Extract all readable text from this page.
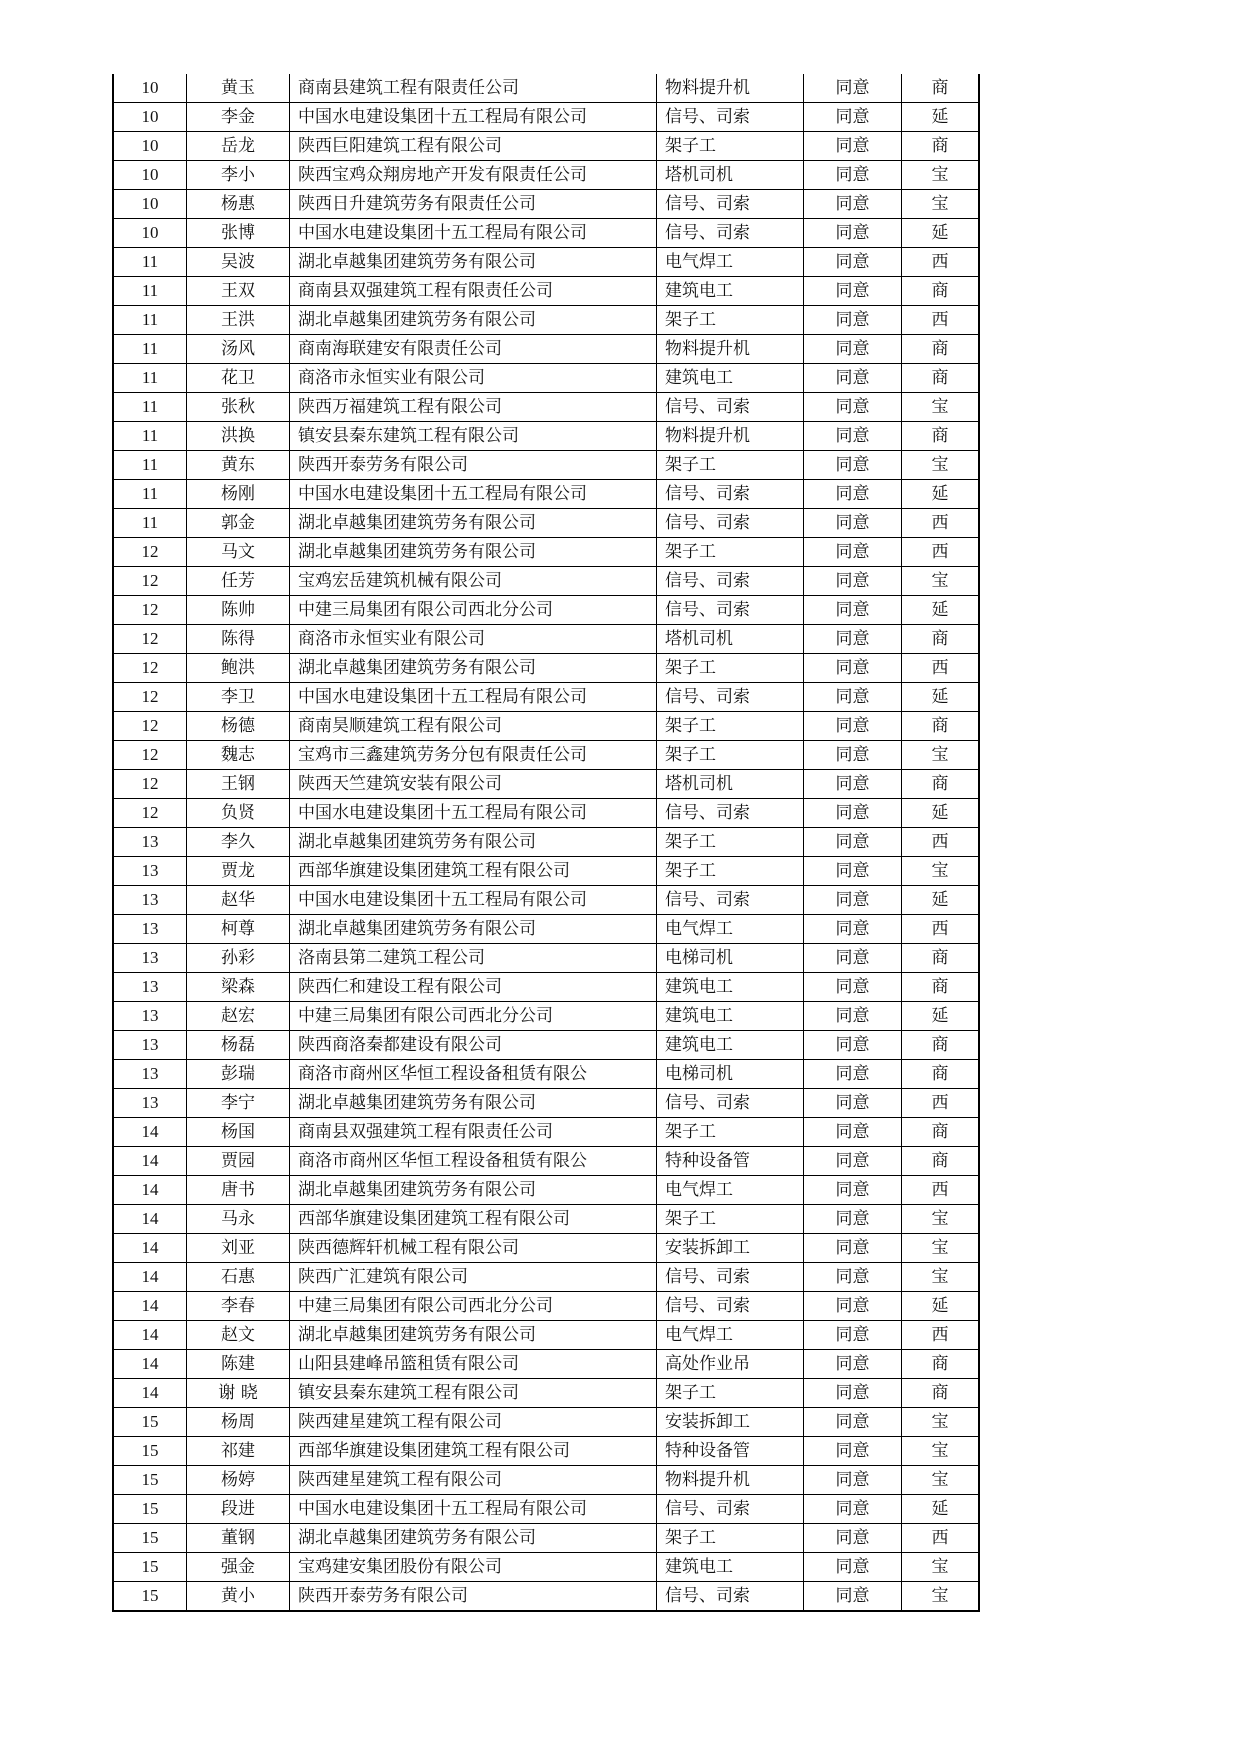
10	黄玉	商南县建筑工程有限责任公司	物料提升机	同意	商
10	李金	中国水电建设集团十五工程局有限公司	信号、司索	同意	延
10	岳龙	陕西巨阳建筑工程有限公司	架子工	同意	商
10	李小	陕西宝鸡众翔房地产开发有限责任公司	塔机司机	同意	宝
10	杨惠	陕西日升建筑劳务有限责任公司	信号、司索	同意	宝
10	张博	中国水电建设集团十五工程局有限公司	信号、司索	同意	延
11	吴波	湖北卓越集团建筑劳务有限公司	电气焊工	同意	西
11	王双	商南县双强建筑工程有限责任公司	建筑电工	同意	商
11	王洪	湖北卓越集团建筑劳务有限公司	架子工	同意	西
11	汤风	商南海联建安有限责任公司	物料提升机	同意	商
11	花卫	商洛市永恒实业有限公司	建筑电工	同意	商
11	张秋	陕西万福建筑工程有限公司	信号、司索	同意	宝
11	洪换	镇安县秦东建筑工程有限公司	物料提升机	同意	商
11	黄东	陕西开泰劳务有限公司	架子工	同意	宝
11	杨刚	中国水电建设集团十五工程局有限公司	信号、司索	同意	延
11	郭金	湖北卓越集团建筑劳务有限公司	信号、司索	同意	西
12	马文	湖北卓越集团建筑劳务有限公司	架子工	同意	西
12	任芳	宝鸡宏岳建筑机械有限公司	信号、司索	同意	宝
12	陈帅	中建三局集团有限公司西北分公司	信号、司索	同意	延
12	陈得	商洛市永恒实业有限公司	塔机司机	同意	商
12	鲍洪	湖北卓越集团建筑劳务有限公司	架子工	同意	西
12	李卫	中国水电建设集团十五工程局有限公司	信号、司索	同意	延
12	杨德	商南昊顺建筑工程有限公司	架子工	同意	商
12	魏志	宝鸡市三鑫建筑劳务分包有限责任公司	架子工	同意	宝
12	王钢	陕西天竺建筑安装有限公司	塔机司机	同意	商
12	负贤	中国水电建设集团十五工程局有限公司	信号、司索	同意	延
13	李久	湖北卓越集团建筑劳务有限公司	架子工	同意	西
13	贾龙	西部华旗建设集团建筑工程有限公司	架子工	同意	宝
13	赵华	中国水电建设集团十五工程局有限公司	信号、司索	同意	延
13	柯尊	湖北卓越集团建筑劳务有限公司	电气焊工	同意	西
13	孙彩	洛南县第二建筑工程公司	电梯司机	同意	商
13	梁森	陕西仁和建设工程有限公司	建筑电工	同意	商
13	赵宏	中建三局集团有限公司西北分公司	建筑电工	同意	延
13	杨磊	陕西商洛秦都建设有限公司	建筑电工	同意	商
13	彭瑞	商洛市商州区华恒工程设备租赁有限公	电梯司机	同意	商
13	李宁	湖北卓越集团建筑劳务有限公司	信号、司索	同意	西
14	杨国	商南县双强建筑工程有限责任公司	架子工	同意	商
14	贾园	商洛市商州区华恒工程设备租赁有限公	特种设备管	同意	商
14	唐书	湖北卓越集团建筑劳务有限公司	电气焊工	同意	西
14	马永	西部华旗建设集团建筑工程有限公司	架子工	同意	宝
14	刘亚	陕西德辉轩机械工程有限公司	安装拆卸工	同意	宝
14	石惠	陕西广汇建筑有限公司	信号、司索	同意	宝
14	李春	中建三局集团有限公司西北分公司	信号、司索	同意	延
14	赵文	湖北卓越集团建筑劳务有限公司	电气焊工	同意	西
14	陈建	山阳县建峰吊篮租赁有限公司	高处作业吊	同意	商
14	谢 晓	镇安县秦东建筑工程有限公司	架子工	同意	商
15	杨周	陕西建星建筑工程有限公司	安装拆卸工	同意	宝
15	祁建	西部华旗建设集团建筑工程有限公司	特种设备管	同意	宝
15	杨婷	陕西建星建筑工程有限公司	物料提升机	同意	宝
15	段进	中国水电建设集团十五工程局有限公司	信号、司索	同意	延
15	董钢	湖北卓越集团建筑劳务有限公司	架子工	同意	西
15	强金	宝鸡建安集团股份有限公司	建筑电工	同意	宝
15	黄小	陕西开泰劳务有限公司	信号、司索	同意	宝
